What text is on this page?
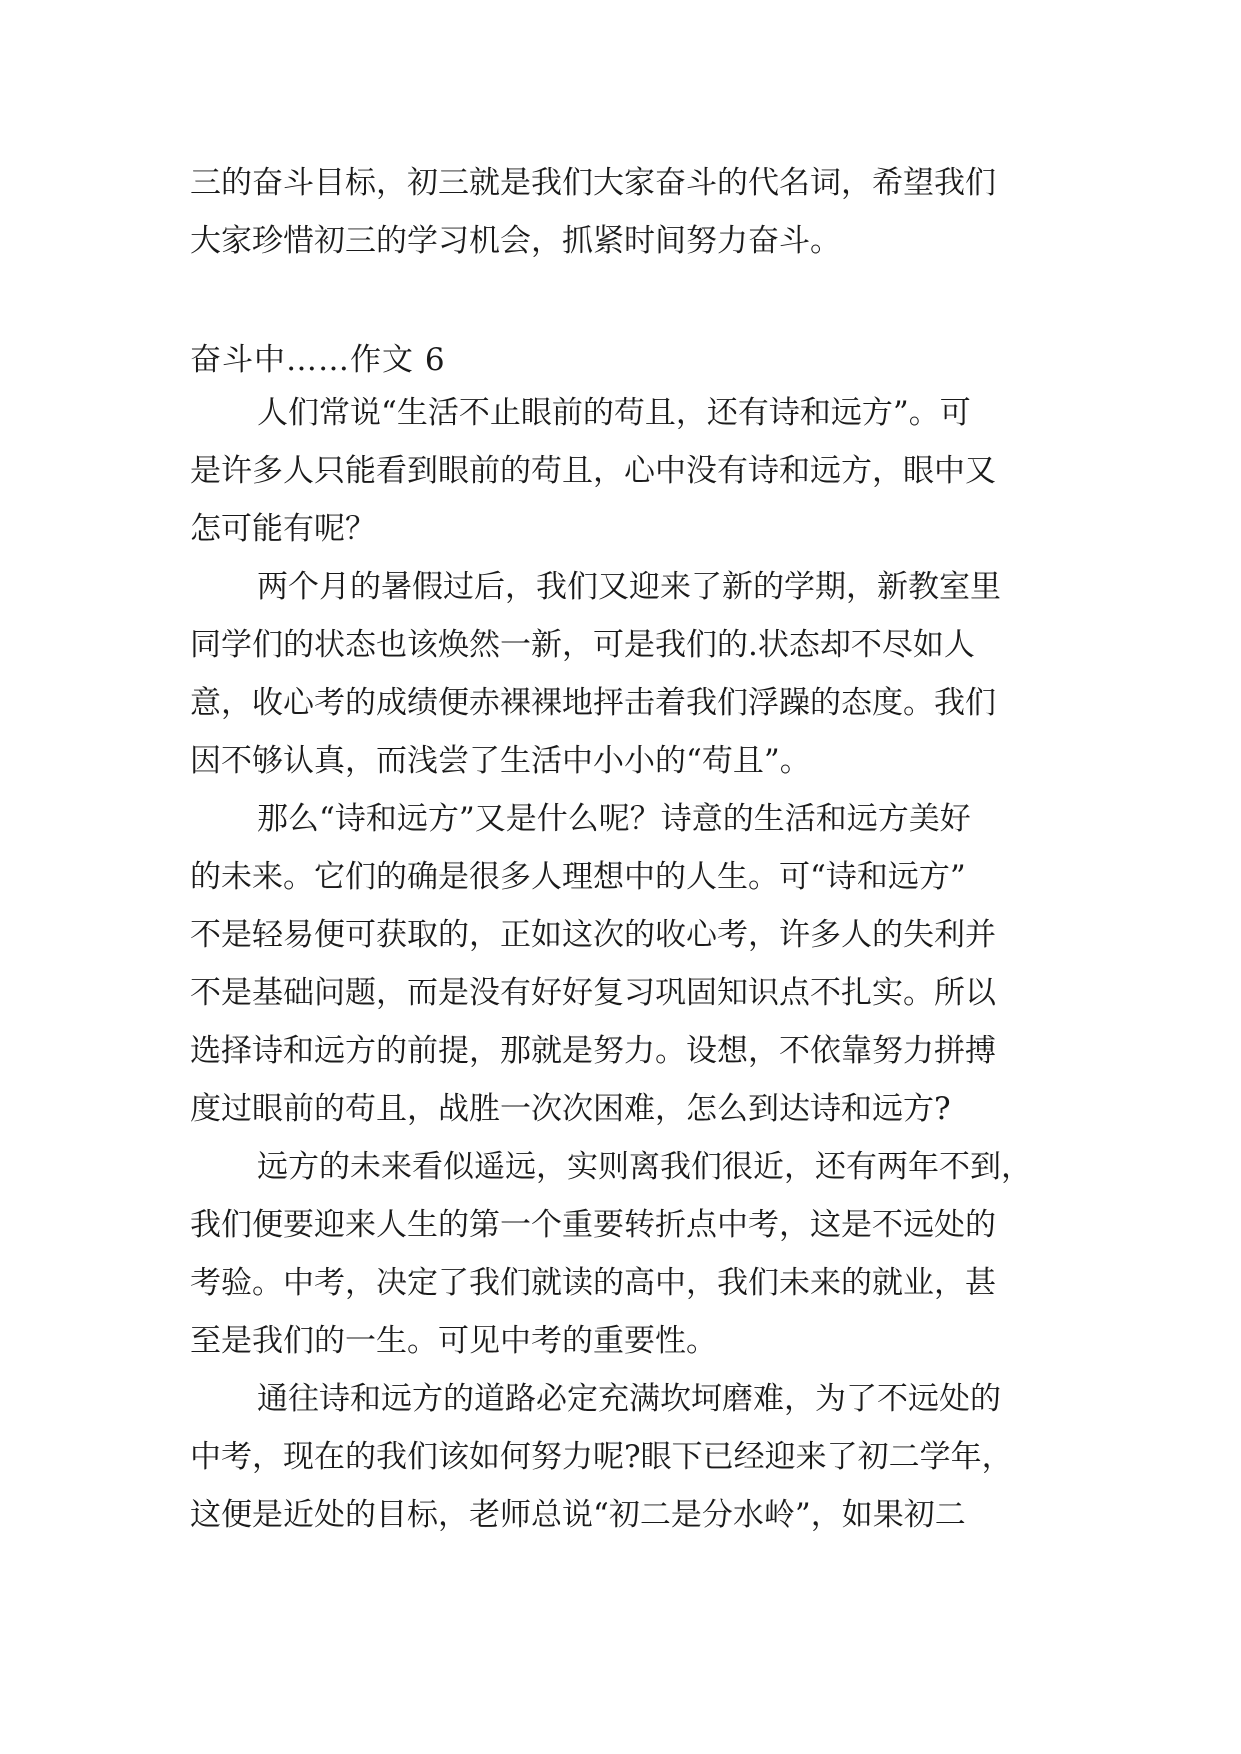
三的奋斗目标，初三就是我们大家奋斗的代名词，希望我们
大家珍惜初三的学习机会，抓紧时间努力奋斗。
奋斗中……作文 6
人们常说“生活不止眼前的苟且，还有诗和远方”。可
是许多人只能看到眼前的苟且，心中没有诗和远方，眼中又
怎可能有呢？
两个月的暑假过后，我们又迎来了新的学期，新教室里
同学们的状态也该焕然一新，可是我们的.状态却不尽如人
意，收心考的成绩便赤裸裸地抨击着我们浮躁的态度。我们
因不够认真，而浅尝了生活中小小的“苟且”。
那么“诗和远方”又是什么呢？诗意的生活和远方美好
的未来。它们的确是很多人理想中的人生。可“诗和远方”
不是轻易便可获取的，正如这次的收心考，许多人的失利并
不是基础问题，而是没有好好复习巩固知识点不扎实。所以
选择诗和远方的前提，那就是努力。设想，不依靠努力拼搏
度过眼前的苟且，战胜一次次困难，怎么到达诗和远方?
远方的未来看似遥远，实则离我们很近，还有两年不到，
我们便要迎来人生的第一个重要转折点中考，这是不远处的
考验。中考，决定了我们就读的高中，我们未来的就业，甚
至是我们的一生。可见中考的重要性。
通往诗和远方的道路必定充满坎坷磨难，为了不远处的
中考，现在的我们该如何努力呢?眼下已经迎来了初二学年，
这便是近处的目标，老师总说“初二是分水岭”，如果初二
